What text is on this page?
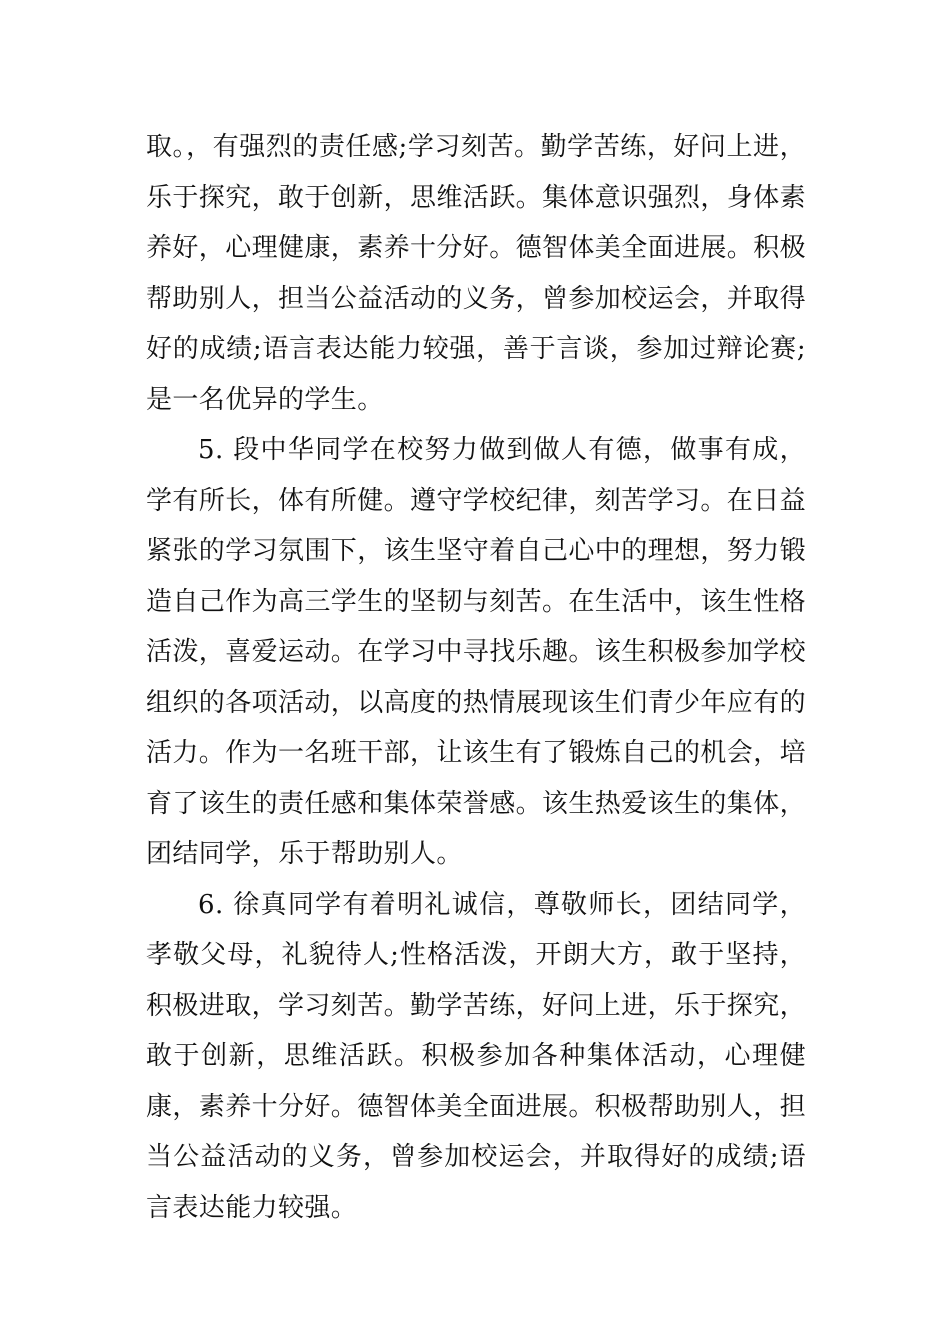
取。，有强烈的责任感;学习刻苦。勤学苦练，好问上进，乐于探究，敢于创新，思维活跃。集体意识强烈，身体素养好，心理健康，素养十分好。德智体美全面进展。积极帮助别人，担当公益活动的义务，曾参加校运会，并取得好的成绩;语言表达能力较强，善于言谈，参加过辩论赛;是一名优异的学生。

5. 段中华同学在校努力做到做人有德，做事有成，学有所长，体有所健。遵守学校纪律，刻苦学习。在日益紧张的学习氛围下，该生坚守着自己心中的理想，努力锻造自己作为高三学生的坚韧与刻苦。在生活中，该生性格活泼，喜爱运动。在学习中寻找乐趣。该生积极参加学校组织的各项活动，以高度的热情展现该生们青少年应有的活力。作为一名班干部，让该生有了锻炼自己的机会，培育了该生的责任感和集体荣誉感。该生热爱该生的集体，团结同学，乐于帮助别人。

6. 徐真同学有着明礼诚信，尊敬师长，团结同学，孝敬父母，礼貌待人;性格活泼，开朗大方，敢于坚持，积极进取，学习刻苦。勤学苦练，好问上进，乐于探究，敢于创新，思维活跃。积极参加各种集体活动，心理健康，素养十分好。德智体美全面进展。积极帮助别人，担当公益活动的义务，曾参加校运会，并取得好的成绩;语言表达能力较强。
